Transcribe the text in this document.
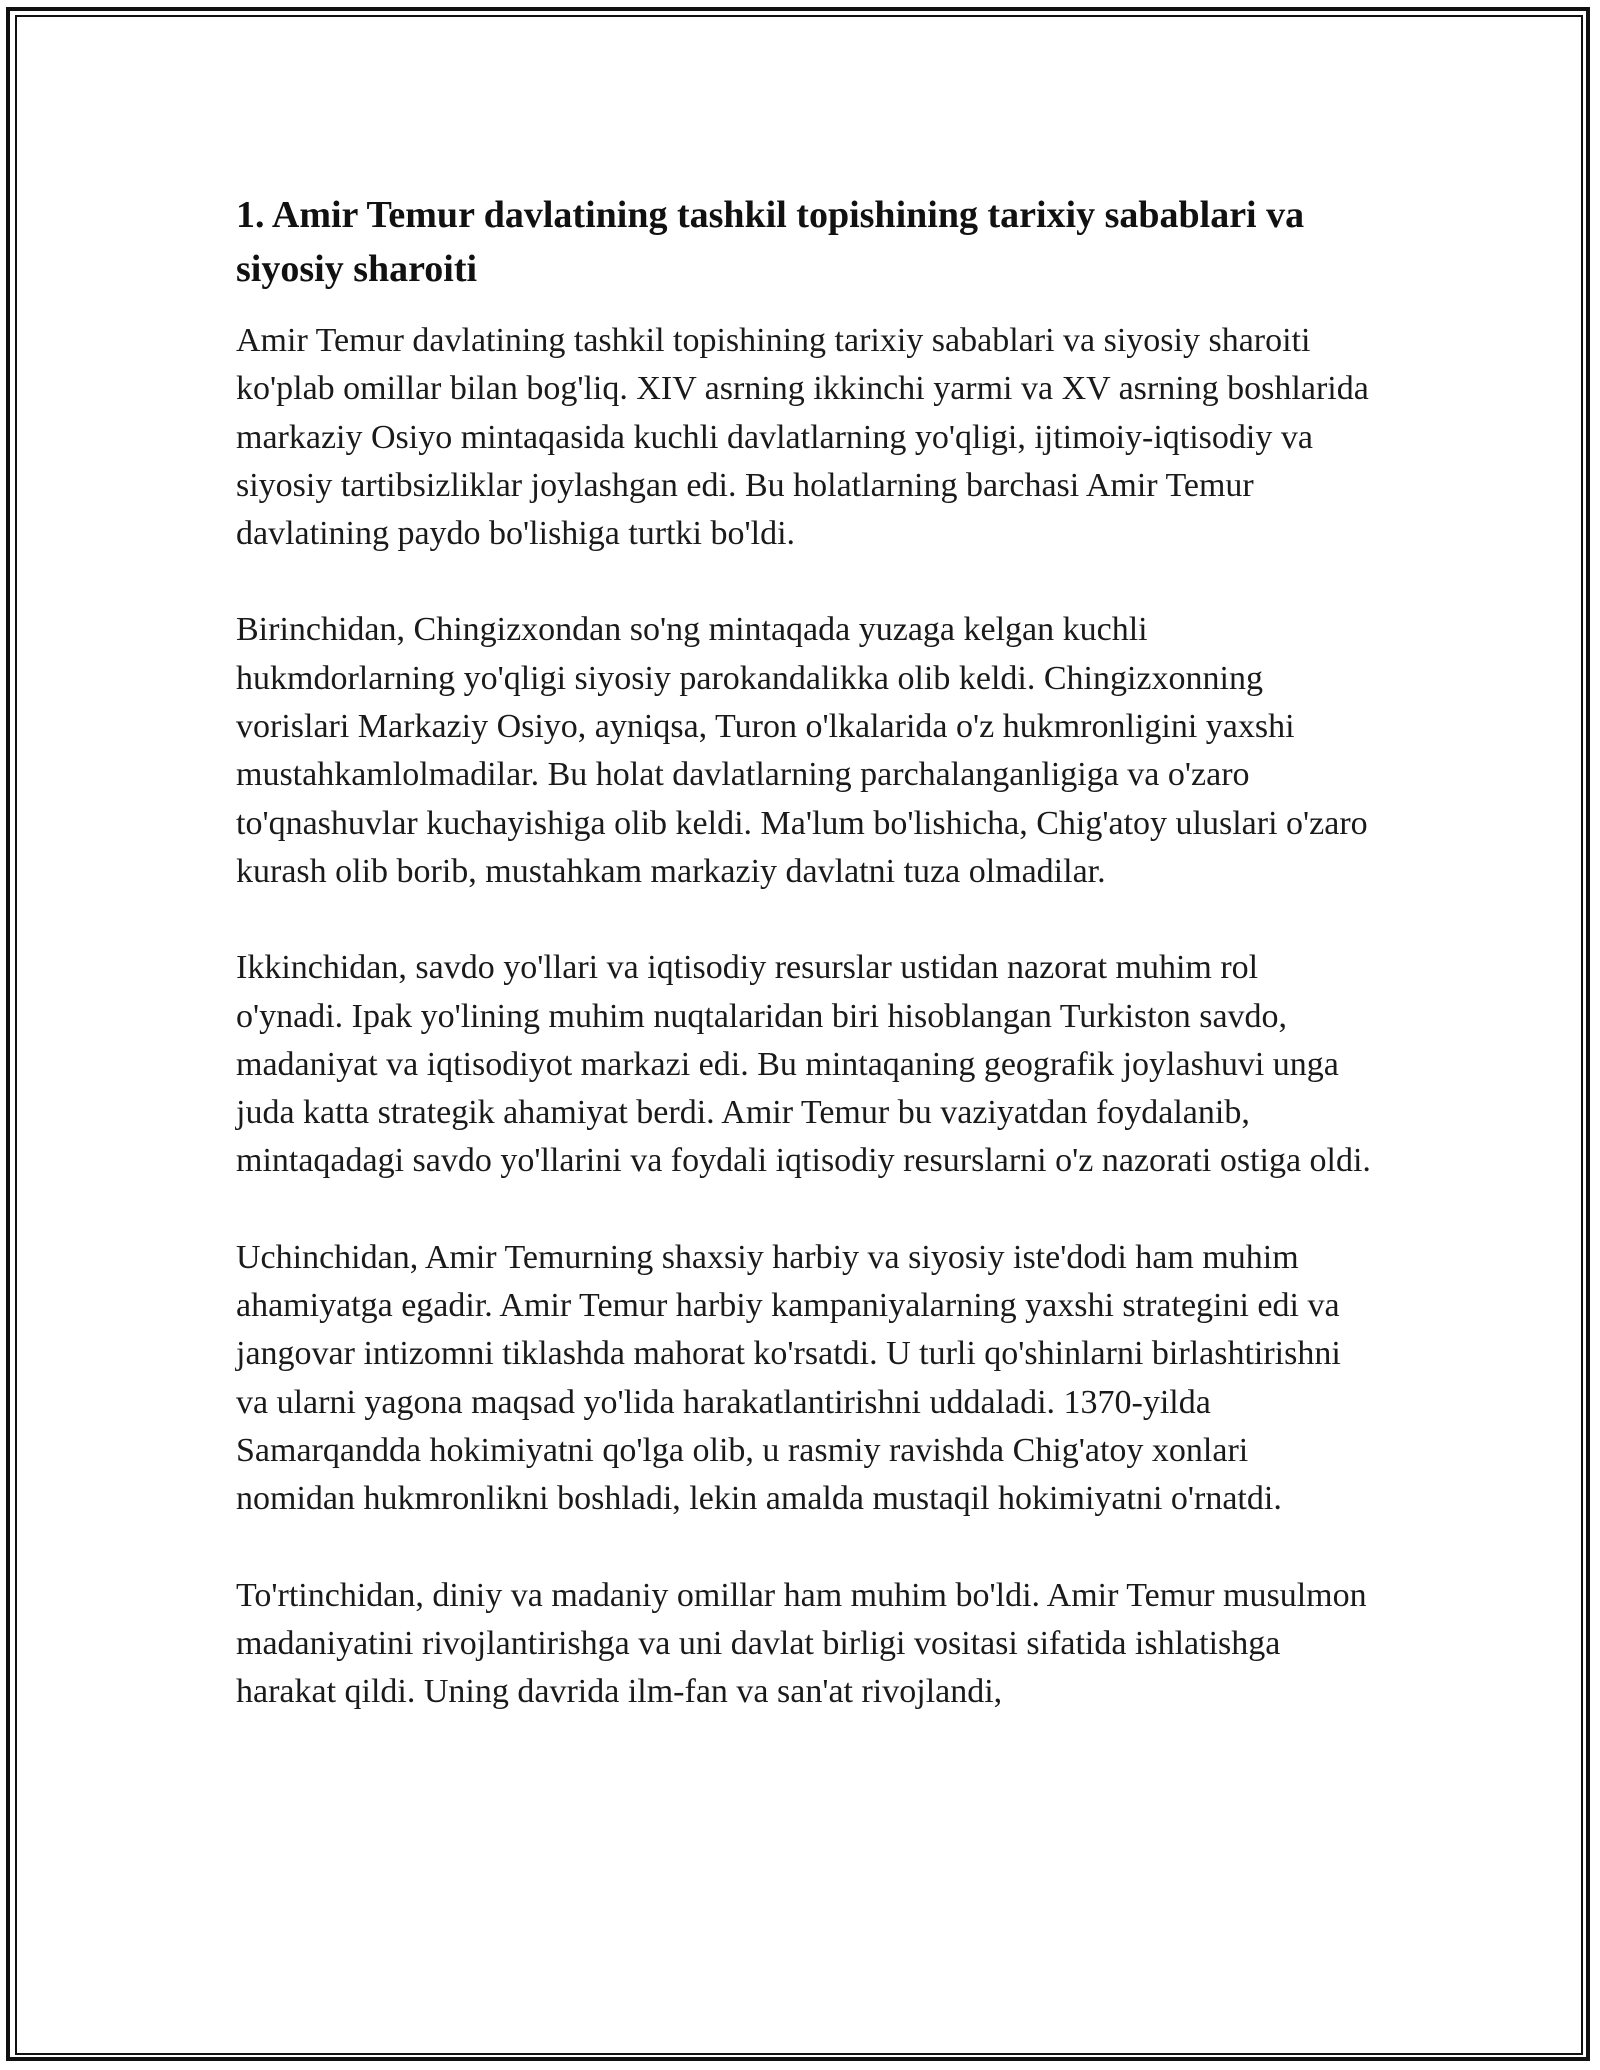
1. Amir Temur davlatining tashkil topishining tarixiy sabablari va siyosiy sharoiti

Amir Temur davlatining tashkil topishining tarixiy sabablari va siyosiy sharoiti ko'plab omillar bilan bog'liq. XIV asrning ikkinchi yarmi va XV asrning boshlarida markaziy Osiyo mintaqasida kuchli davlatlarning yo'qligi, ijtimoiy-iqtisodiy va siyosiy tartibsizliklar joylashgan edi. Bu holatlarning barchasi Amir Temur davlatining paydo bo'lishiga turtki bo'ldi.

Birinchidan, Chingizxondan so'ng mintaqada yuzaga kelgan kuchli hukmdorlarning yo'qligi siyosiy parokandalikka olib keldi. Chingizxonning vorislari Markaziy Osiyo, ayniqsa, Turon o'lkalarida o'z hukmronligini yaxshi mustahkamlolmadilar. Bu holat davlatlarning parchalanganligiga va o'zaro to'qnashuvlar kuchayishiga olib keldi. Ma'lum bo'lishicha, Chig'atoy uluslari o'zaro kurash olib borib, mustahkam markaziy davlatni tuza olmadilar.

Ikkinchidan, savdo yo'llari va iqtisodiy resurslar ustidan nazorat muhim rol o'ynadi. Ipak yo'lining muhim nuqtalaridan biri hisoblangan Turkiston savdo, madaniyat va iqtisodiyot markazi edi. Bu mintaqaning geografik joylashuvi unga juda katta strategik ahamiyat berdi. Amir Temur bu vaziyatdan foydalanib, mintaqadagi savdo yo'llarini va foydali iqtisodiy resurslarni o'z nazorati ostiga oldi.

Uchinchidan, Amir Temurning shaxsiy harbiy va siyosiy iste'dodi ham muhim ahamiyatga egadir. Amir Temur harbiy kampaniyalarning yaxshi strategini edi va jangovar intizomni tiklashda mahorat ko'rsatdi. U turli qo'shinlarni birlashtirishni va ularni yagona maqsad yo'lida harakatlantirishni uddaladi. 1370-yilda Samarqandda hokimiyatni qo'lga olib, u rasmiy ravishda Chig'atoy xonlari nomidan hukmronlikni boshladi, lekin amalda mustaqil hokimiyatni o'rnatdi.

To'rtinchidan, diniy va madaniy omillar ham muhim bo'ldi. Amir Temur musulmon madaniyatini rivojlantirishga va uni davlat birligi vositasi sifatida ishlatishga harakat qildi. Uning davrida ilm-fan va san'at rivojlandi,
